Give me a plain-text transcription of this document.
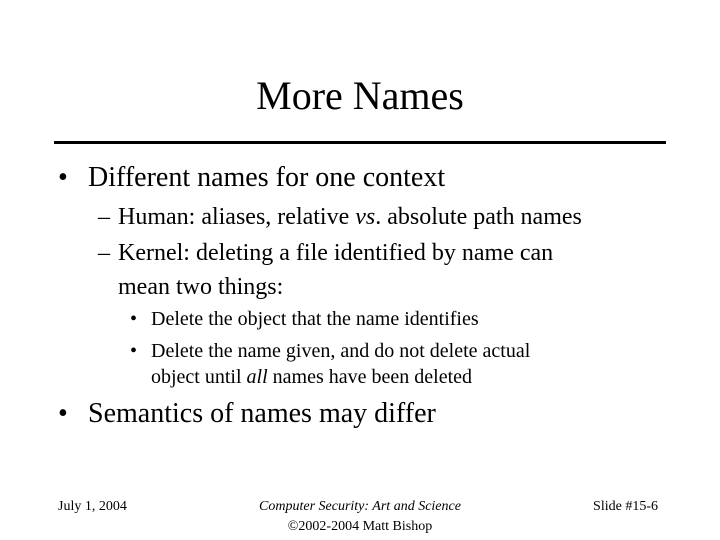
More Names
• Different names for one context
– Human: aliases, relative vs. absolute path names
– Kernel: deleting a file identified by name can
mean two things:
• Delete the object that the name identifies
• Delete the name given, and do not delete actual
object until all names have been deleted
• Semantics of names may differ
July 1, 2004	Computer Security: Art and Science
©2002-2004 Matt Bishop
Slide #15-6
